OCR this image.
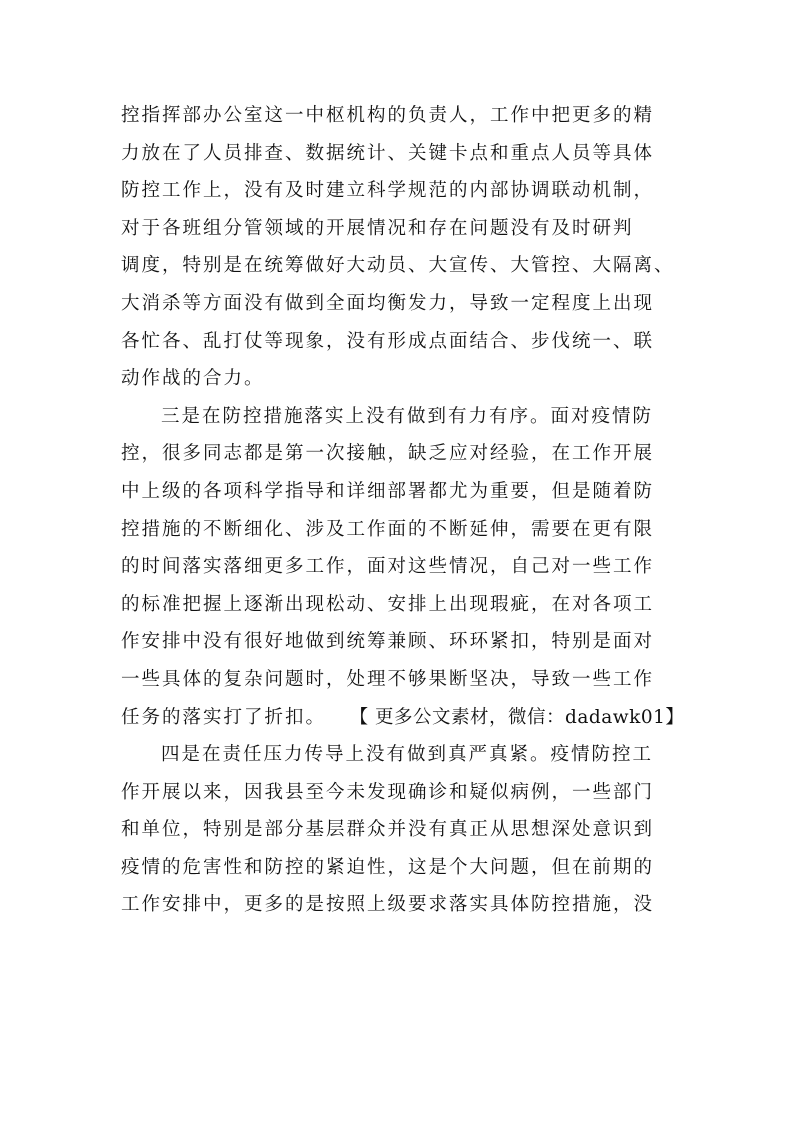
控指挥部办公室这一中枢机构的负责人，工作中把更多的精
力放在了人员排查、数据统计、关键卡点和重点人员等具体
防控工作上，没有及时建立科学规范的内部协调联动机制，
对于各班组分管领域的开展情况和存在问题没有及时研判
调度，特别是在统筹做好大动员、大宣传、大管控、大隔离、
大消杀等方面没有做到全面均衡发力，导致一定程度上出现
各忙各、乱打仗等现象，没有形成点面结合、步伐统一、联
动作战的合力。
三是在防控措施落实上没有做到有力有序。面对疫情防
控，很多同志都是第一次接触，缺乏应对经验，在工作开展
中上级的各项科学指导和详细部署都尤为重要，但是随着防
控措施的不断细化、涉及工作面的不断延伸，需要在更有限
的时间落实落细更多工作，面对这些情况，自己对一些工作
的标准把握上逐渐出现松动、安排上出现瑕疵，在对各项工
作安排中没有很好地做到统筹兼顾、环环紧扣，特别是面对
一些具体的复杂问题时，处理不够果断坚决，导致一些工作
任务的落实打了折扣。 【 更多公文素材，微信：dadawk01】
四是在责任压力传导上没有做到真严真紧。疫情防控工
作开展以来，因我县至今未发现确诊和疑似病例，一些部门
和单位，特别是部分基层群众并没有真正从思想深处意识到
疫情的危害性和防控的紧迫性，这是个大问题，但在前期的
工作安排中，更多的是按照上级要求落实具体防控措施，没
